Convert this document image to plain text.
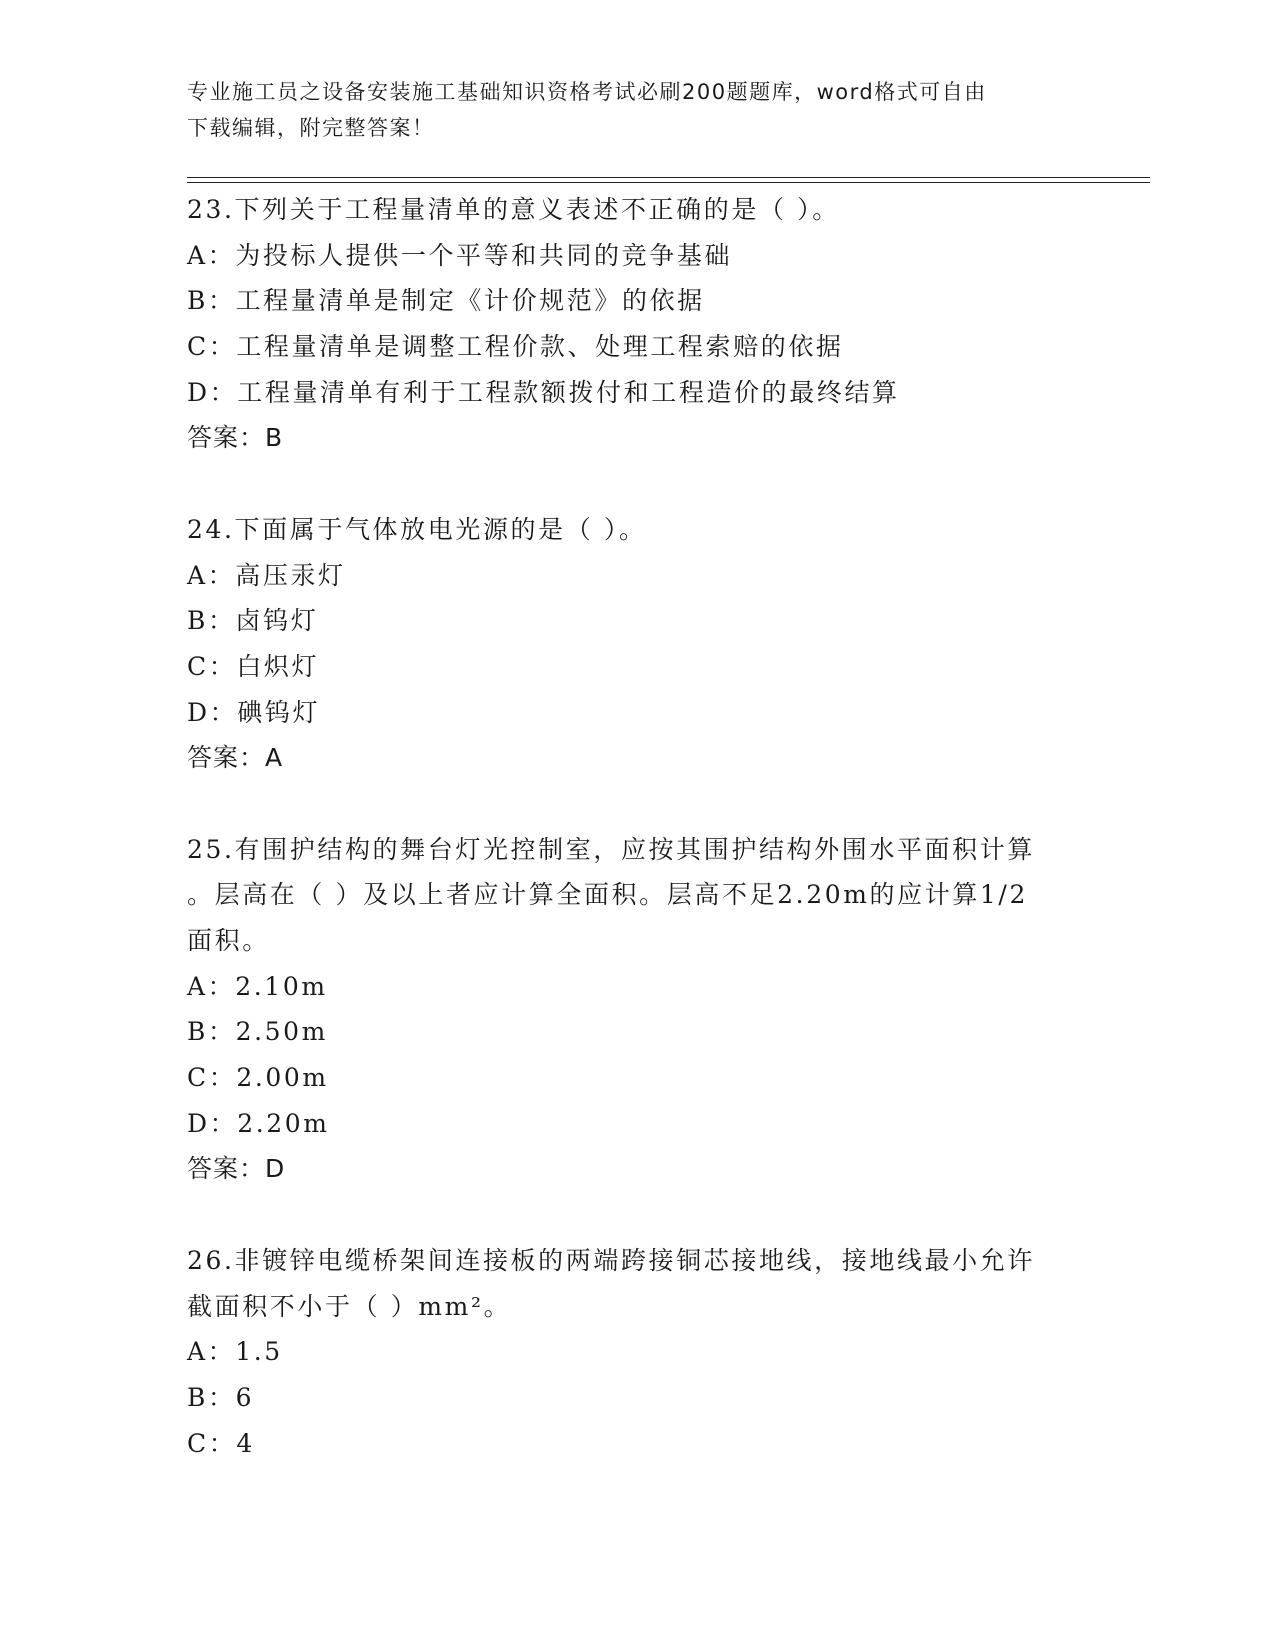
专业施工员之设备安装施工基础知识资格考试必刷200题题库，word格式可自由
下载编辑，附完整答案！
23.下列关于工程量清单的意义表述不正确的是（ ）。
A：为投标人提供一个平等和共同的竞争基础
B：工程量清单是制定《计价规范》的依据
C：工程量清单是调整工程价款、处理工程索赔的依据
D：工程量清单有利于工程款额拨付和工程造价的最终结算
答案：B
24.下面属于气体放电光源的是（ ）。
A：高压汞灯
B：卤钨灯
C：白炽灯
D：碘钨灯
答案：A
25.有围护结构的舞台灯光控制室，应按其围护结构外围水平面积计算
。层高在（ ）及以上者应计算全面积。层高不足2.20m的应计算1/2
面积。
A：2.10m
B：2.50m
C：2.00m
D：2.20m
答案：D
26.非镀锌电缆桥架间连接板的两端跨接铜芯接地线，接地线最小允许
截面积不小于（ ）mm²。
A：1.5
B：6
C：4
